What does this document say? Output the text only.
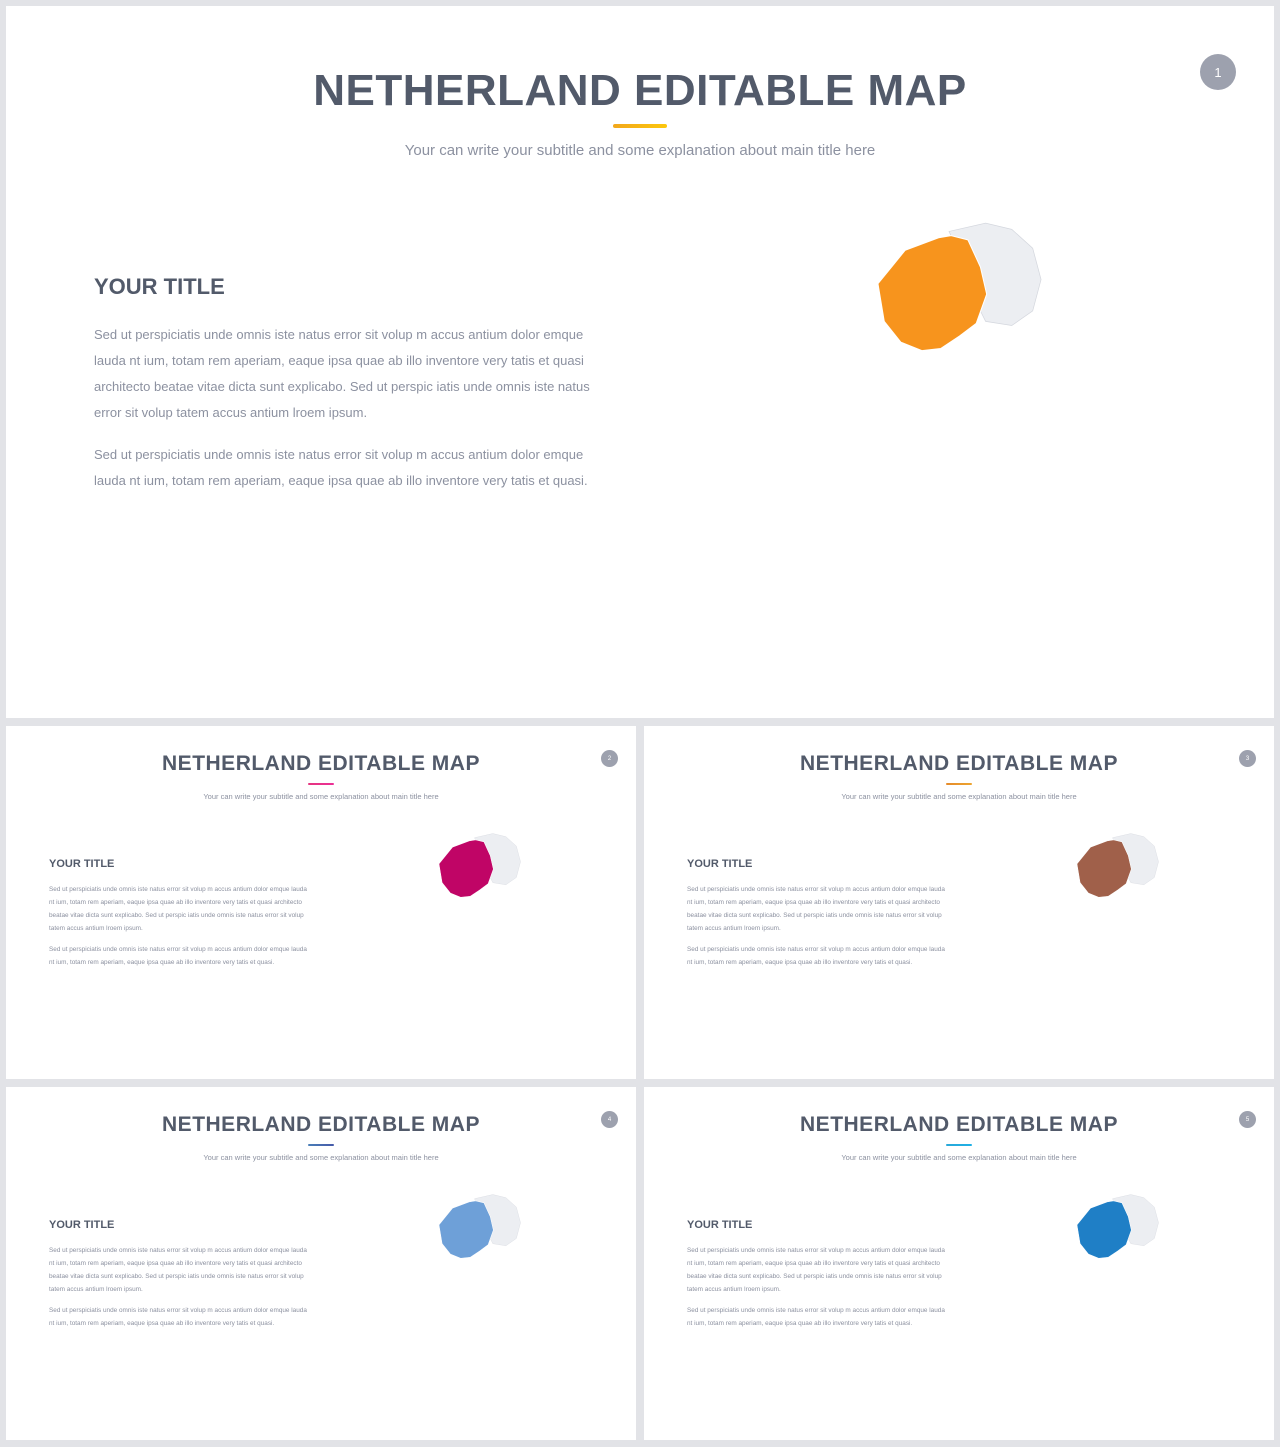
NETHERLAND EDITABLE MAP
Your can write your subtitle and some explanation about main title here
1
YOUR TITLE

Sed ut perspiciatis unde omnis iste natus error sit volup m accus antium dolor emque lauda nt ium, totam rem aperiam, eaque ipsa quae ab illo inventore very tatis et quasi architecto beatae vitae dicta sunt explicabo. Sed ut perspic iatis unde omnis iste natus error sit volup tatem accus antium lroem ipsum.

Sed ut perspiciatis unde omnis iste natus error sit volup m accus antium dolor emque lauda nt ium, totam rem aperiam, eaque ipsa quae ab illo inventore very tatis et quasi.

NETHERLAND EDITABLE MAP
Your can write your subtitle and some explanation about main title here
2
YOUR TITLE

Sed ut perspiciatis unde omnis iste natus error sit volup m accus antium dolor emque lauda nt ium, totam rem aperiam, eaque ipsa quae ab illo inventore very tatis et quasi architecto beatae vitae dicta sunt explicabo. Sed ut perspic iatis unde omnis iste natus error sit volup tatem accus antium lroem ipsum.

Sed ut perspiciatis unde omnis iste natus error sit volup m accus antium dolor emque lauda nt ium, totam rem aperiam, eaque ipsa quae ab illo inventore very tatis et quasi.

NETHERLAND EDITABLE MAP
Your can write your subtitle and some explanation about main title here
3
YOUR TITLE

Sed ut perspiciatis unde omnis iste natus error sit volup m accus antium dolor emque lauda nt ium, totam rem aperiam, eaque ipsa quae ab illo inventore very tatis et quasi architecto beatae vitae dicta sunt explicabo. Sed ut perspic iatis unde omnis iste natus error sit volup tatem accus antium lroem ipsum.

Sed ut perspiciatis unde omnis iste natus error sit volup m accus antium dolor emque lauda nt ium, totam rem aperiam, eaque ipsa quae ab illo inventore very tatis et quasi.

NETHERLAND EDITABLE MAP
Your can write your subtitle and some explanation about main title here
4
YOUR TITLE

Sed ut perspiciatis unde omnis iste natus error sit volup m accus antium dolor emque lauda nt ium, totam rem aperiam, eaque ipsa quae ab illo inventore very tatis et quasi architecto beatae vitae dicta sunt explicabo. Sed ut perspic iatis unde omnis iste natus error sit volup tatem accus antium lroem ipsum.

Sed ut perspiciatis unde omnis iste natus error sit volup m accus antium dolor emque lauda nt ium, totam rem aperiam, eaque ipsa quae ab illo inventore very tatis et quasi.

NETHERLAND EDITABLE MAP
Your can write your subtitle and some explanation about main title here
5
YOUR TITLE

Sed ut perspiciatis unde omnis iste natus error sit volup m accus antium dolor emque lauda nt ium, totam rem aperiam, eaque ipsa quae ab illo inventore very tatis et quasi architecto beatae vitae dicta sunt explicabo. Sed ut perspic iatis unde omnis iste natus error sit volup tatem accus antium lroem ipsum.

Sed ut perspiciatis unde omnis iste natus error sit volup m accus antium dolor emque lauda nt ium, totam rem aperiam, eaque ipsa quae ab illo inventore very tatis et quasi.
